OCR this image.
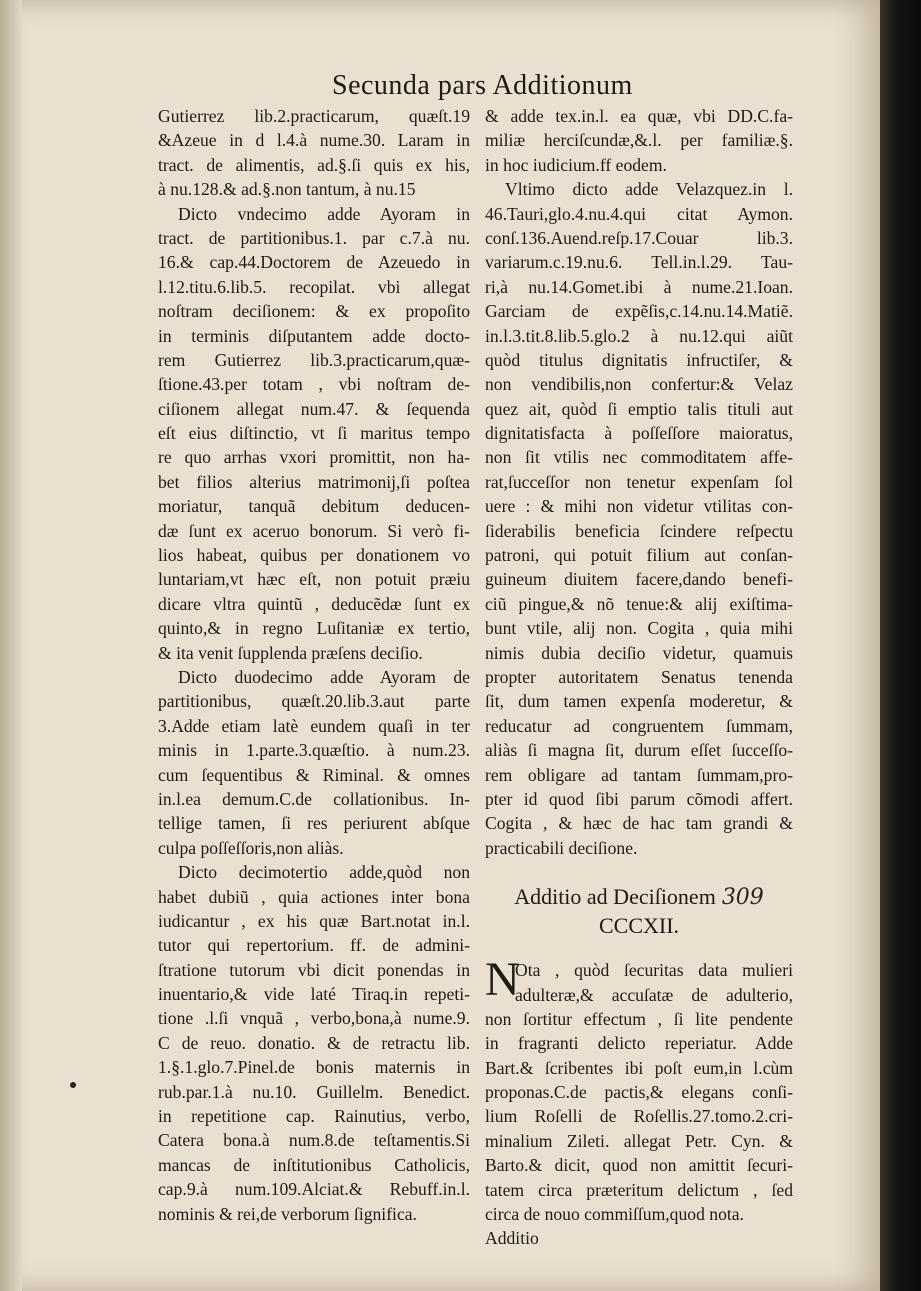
Secunda pars Additionum
Gutierrez lib.2.practicarum, quæſt.19
&Azeue in d l.4.à nume.30. Laram in
tract. de alimentis, ad.§.ſi quis ex his,
à nu.128.& ad.§.non tantum, à nu.15
Dicto vndecimo adde Ayoram in
tract. de partitionibus.1. par c.7.à nu.
16.& cap.44.Doctorem de Azeuedo in
l.12.titu.6.lib.5. recopilat. vbi allegat
noſtram deciſionem: & ex propoſito
in terminis diſputantem adde docto-
rem Gutierrez lib.3.practicarum,quæ-
ſtione.43.per totam , vbi noſtram de-
ciſionem allegat num.47. & ſequenda
eſt eius diſtinctio, vt ſi maritus tempo
re quo arrhas vxori promittit, non ha-
bet filios alterius matrimonij,ſi poſtea
moriatur, tanquã debitum deducen-
dæ ſunt ex aceruo bonorum. Si verò fi-
lios habeat, quibus per donationem vo
luntariam,vt hæc eſt, non potuit præiu
dicare vltra quintũ , deducẽdæ ſunt ex
quinto,& in regno Luſitaniæ ex tertio,
& ita venit ſupplenda præſens deciſio.
Dicto duodecimo adde Ayoram de
partitionibus, quæſt.20.lib.3.aut parte
3.Adde etiam latè eundem quaſi in ter
minis in 1.parte.3.quæſtio. à num.23.
cum ſequentibus & Riminal. & omnes
in.l.ea demum.C.de collationibus. In-
tellige tamen, ſi res periurent abſque
culpa poſſeſſoris,non aliàs.
Dicto decimotertio adde,quòd non
habet dubiũ , quia actiones inter bona
iudicantur , ex his quæ Bart.notat in.l.
tutor qui repertorium. ff. de admini-
ſtratione tutorum vbi dicit ponendas in
inuentario,& vide laté Tiraq.in repeti-
tione .l.ſi vnquã , verbo,bona,à nume.9.
C de reuo. donatio. & de retractu lib.
1.§.1.glo.7.Pinel.de bonis maternis in
rub.par.1.à nu.10. Guillelm. Benedict.
in repetitione cap. Rainutius, verbo,
Catera bona.à num.8.de teſtamentis.Si
mancas de inſtitutionibus Catholicis,
cap.9.à num.109.Alciat.& Rebuff.in.l.
nominis & rei,de verborum ſignifica.
& adde tex.in.l. ea quæ, vbi DD.C.fa-
miliæ herciſcundæ,&.l. per familiæ.§.
in hoc iudicium.ff eodem.
Vltimo dicto adde Velazquez.in l.
46.Tauri,glo.4.nu.4.qui citat Aymon.
conſ.136.Auend.reſp.17.Couar lib.3.
variarum.c.19.nu.6. Tell.in.l.29. Tau-
ri,à nu.14.Gomet.ibi à nume.21.Ioan.
Garciam de expẽſis,c.14.nu.14.Matiẽ.
in.l.3.tit.8.lib.5.glo.2 à nu.12.qui aiũt
quòd titulus dignitatis infructiſer, &
non vendibilis,non confertur:& Velaz
quez ait, quòd ſi emptio talis tituli aut
dignitatisfacta à poſſeſſore maioratus,
non ſit vtilis nec commoditatem affe-
rat,ſucceſſor non tenetur expenſam ſol
uere : & mihi non videtur vtilitas con-
ſiderabilis beneficia ſcindere reſpectu
patroni, qui potuit filium aut conſan-
guineum diuitem facere,dando benefi-
ciũ pingue,& nõ tenue:& alij exiſtima-
bunt vtile, alij non. Cogita , quia mihi
nimis dubia deciſio videtur, quamuis
propter autoritatem Senatus tenenda
ſit, dum tamen expenſa moderetur, &
reducatur ad congruentem ſummam,
aliàs ſi magna ſit, durum eſſet ſucceſſo-
rem obligare ad tantam ſummam,pro-
pter id quod ſibi parum cõmodi affert.
Cogita , & hæc de hac tam grandi &
practicabili deciſione.
Additio ad Deciſionem 309
CCCXII.
N
Ota , quòd ſecuritas data mulieri
adulteræ,& accuſatæ de adulterio,
non ſortitur effectum , ſi lite pendente
in fragranti delicto reperiatur. Adde
Bart.& ſcribentes ibi poſt eum,in l.cùm
proponas.C.de pactis,& elegans conſi-
lium Roſelli de Roſellis.27.tomo.2.cri-
minalium Zileti. allegat Petr. Cyn. &
Barto.& dicit, quod non amittit ſecuri-
tatem circa præteritum delictum , ſed
circa de nouo commiſſum,quod nota.
Additio
